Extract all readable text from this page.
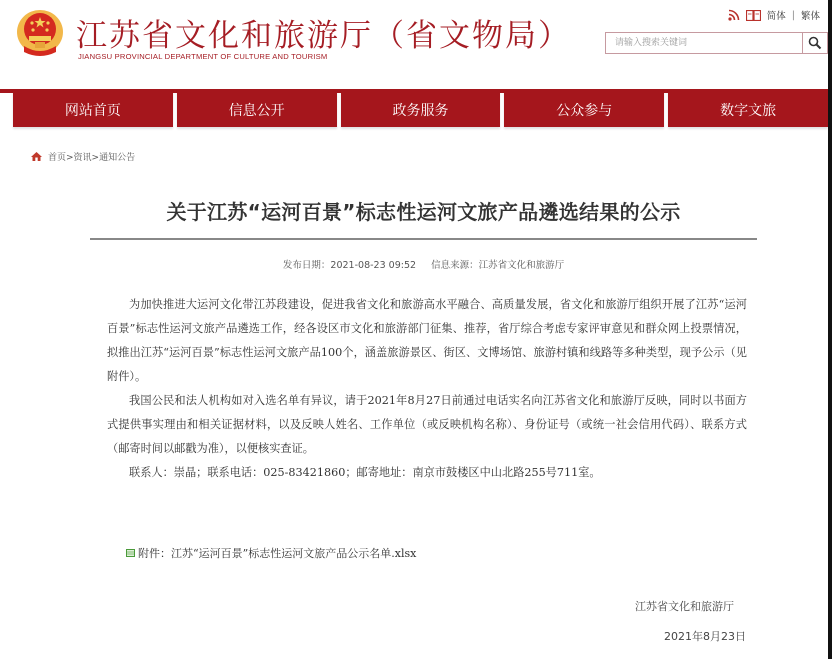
江苏省文化和旅游厅（省文物局）
JIANGSU PROVINCIAL DEPARTMENT OF CULTURE AND TOURISM
简体 | 繁体
请输入搜索关键词
网站首页	信息公开	政务服务	公众参与	数字文旅
首页>资讯>通知公告
关于江苏“运河百景”标志性运河文旅产品遴选结果的公示
发布日期：2021-08-23 09:52 信息来源：江苏省文化和旅游厅

为加快推进大运河文化带江苏段建设，促进我省文化和旅游高水平融合、高质量发展，省文化和旅游厅组织开展了江苏“运河百景”标志性运河文旅产品遴选工作，经各设区市文化和旅游部门征集、推荐，省厅综合考虑专家评审意见和群众网上投票情况，拟推出江苏“运河百景”标志性运河文旅产品100个，涵盖旅游景区、街区、文博场馆、旅游村镇和线路等多种类型，现予公示（见附件）。

我国公民和法人机构如对入选名单有异议，请于2021年8月27日前通过电话实名向江苏省文化和旅游厅反映，同时以书面方式提供事实理由和相关证据材料，以及反映人姓名、工作单位（或反映机构名称）、身份证号（或统一社会信用代码）、联系方式（邮寄时间以邮戳为准），以便核实查证。

联系人：崇晶；联系电话：025-83421860；邮寄地址：南京市鼓楼区中山北路255号711室。

附件：江苏“运河百景”标志性运河文旅产品公示名单.xlsx
江苏省文化和旅游厅
2021年8月23日
